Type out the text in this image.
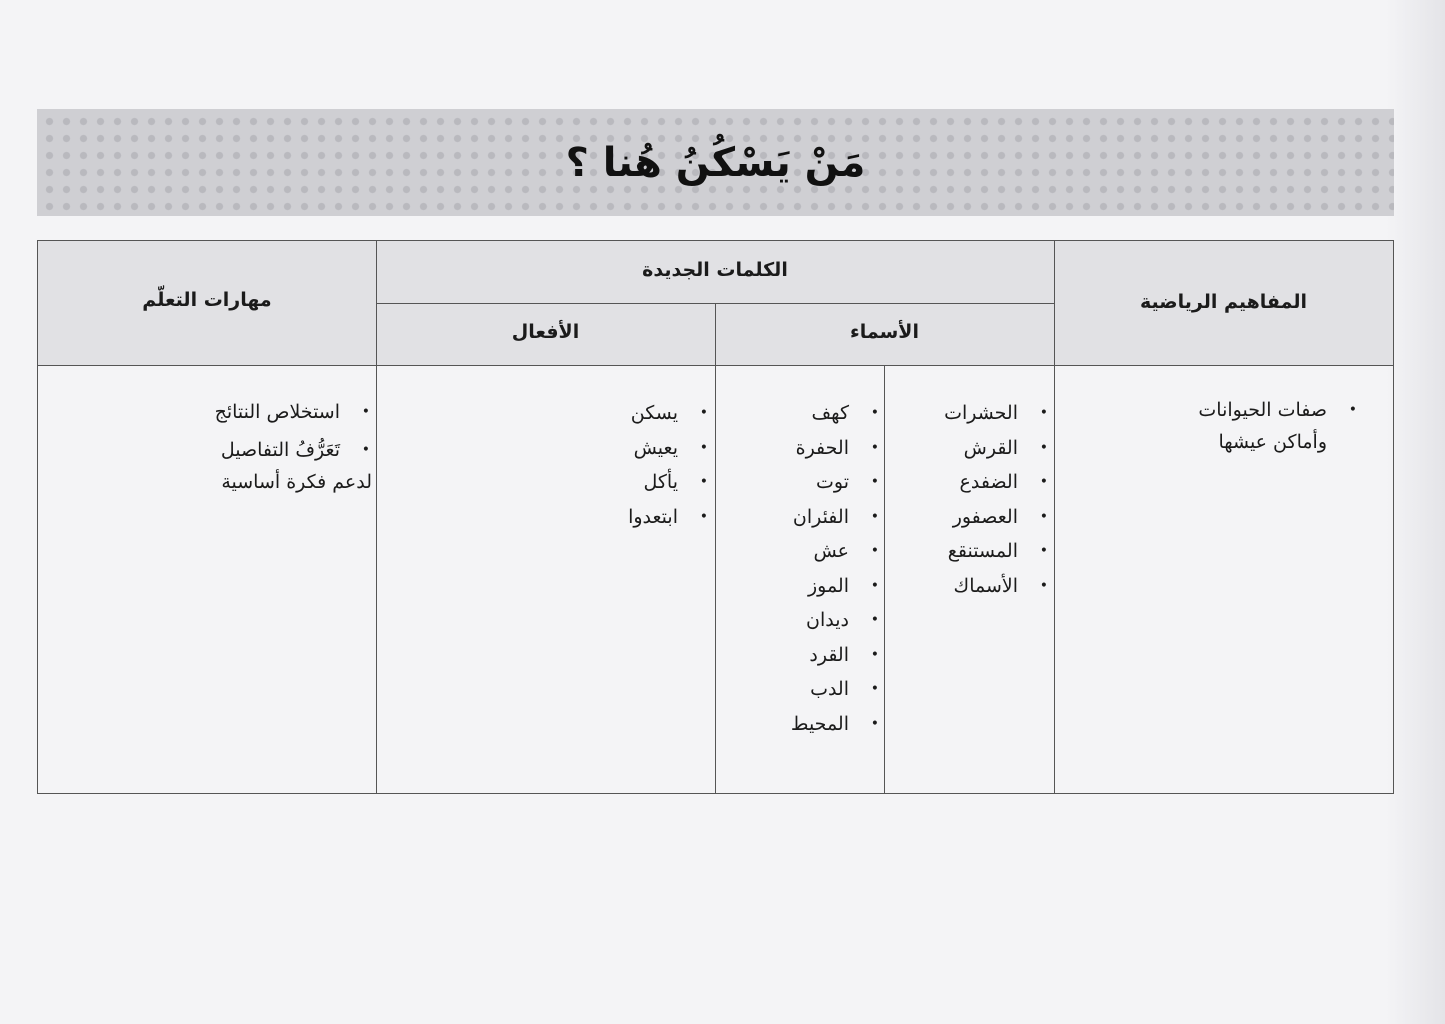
مَنْ يَسْكُنُ هُنا ؟
المفاهيم الرياضية
الكلمات الجديدة
الأسماء
الأفعال
مهارات التعلّم
• صفات الحيوانات
وأماكن عيشها
• الحشرات
• القرش
• الضفدع
• العصفور
• المستنقع
• الأسماك
• كهف
• الحفرة
• توت
• الفئران
• عش
• الموز
• ديدان
• القرد
• الدب
• المحيط
• يسكن
• يعيش
• يأكل
• ابتعدوا
• استخلاص النتائج
• تَعَرُّفُ التفاصيل
لدعم فكرة أساسية
